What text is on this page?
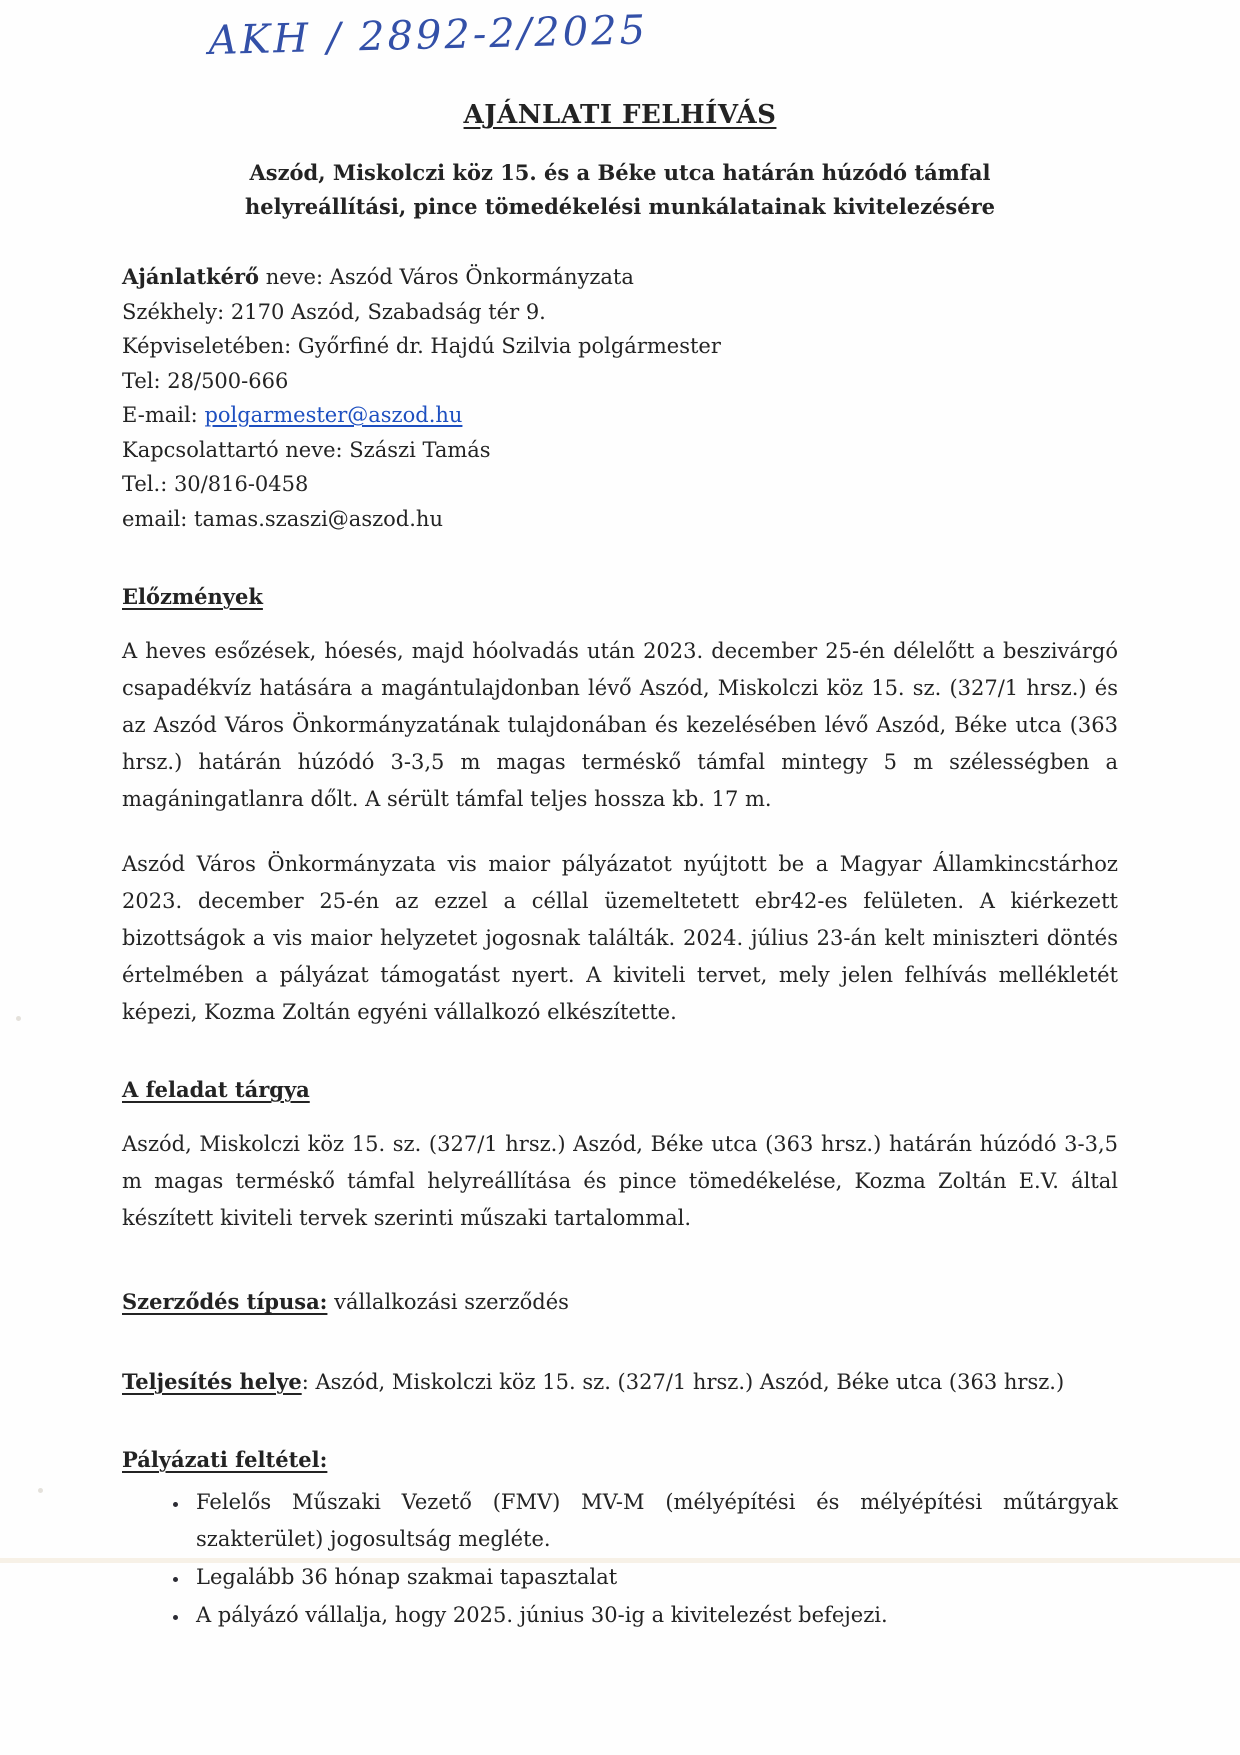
AKH / 2892-2/2025
AJÁNLATI FELHÍVÁS
Aszód, Miskolczi köz 15. és a Béke utca határán húzódó támfal helyreállítási, pince tömedékelési munkálatainak kivitelezésére
Ajánlatkérő neve: Aszód Város Önkormányzata
Székhely: 2170 Aszód, Szabadság tér 9.
Képviseletében: Győrfiné dr. Hajdú Szilvia polgármester
Tel: 28/500-666
E-mail: polgarmester@aszod.hu
Kapcsolattartó neve: Szászi Tamás
Tel.: 30/816-0458
email: tamas.szaszi@aszod.hu
Előzmények

A heves esőzések, hóesés, majd hóolvadás után 2023. december 25-én délelőtt a beszivárgó csapadékvíz hatására a magántulajdonban lévő Aszód, Miskolczi köz 15. sz. (327/1 hrsz.) és az Aszód Város Önkormányzatának tulajdonában és kezelésében lévő Aszód, Béke utca (363 hrsz.) határán húzódó 3-3,5 m magas terméskő támfal mintegy 5 m szélességben a magáningatlanra dőlt. A sérült támfal teljes hossza kb. 17 m.

Aszód Város Önkormányzata vis maior pályázatot nyújtott be a Magyar Államkincstárhoz 2023. december 25-én az ezzel a céllal üzemeltetett ebr42-es felületen. A kiérkezett bizottságok a vis maior helyzetet jogosnak találták. 2024. július 23-án kelt miniszteri döntés értelmében a pályázat támogatást nyert. A kiviteli tervet, mely jelen felhívás mellékletét képezi, Kozma Zoltán egyéni vállalkozó elkészítette.

A feladat tárgya

Aszód, Miskolczi köz 15. sz. (327/1 hrsz.) Aszód, Béke utca (363 hrsz.) határán húzódó 3-3,5 m magas terméskő támfal helyreállítása és pince tömedékelése, Kozma Zoltán E.V. által készített kiviteli tervek szerinti műszaki tartalommal.

Szerződés típusa: vállalkozási szerződés
Teljesítés helye: Aszód, Miskolczi köz 15. sz. (327/1 hrsz.) Aszód, Béke utca (363 hrsz.)
Pályázati feltétel:
• Felelős Műszaki Vezető (FMV) MV-M (mélyépítési és mélyépítési műtárgyak szakterület) jogosultság megléte.
• Legalább 36 hónap szakmai tapasztalat
• A pályázó vállalja, hogy 2025. június 30-ig a kivitelezést befejezi.
